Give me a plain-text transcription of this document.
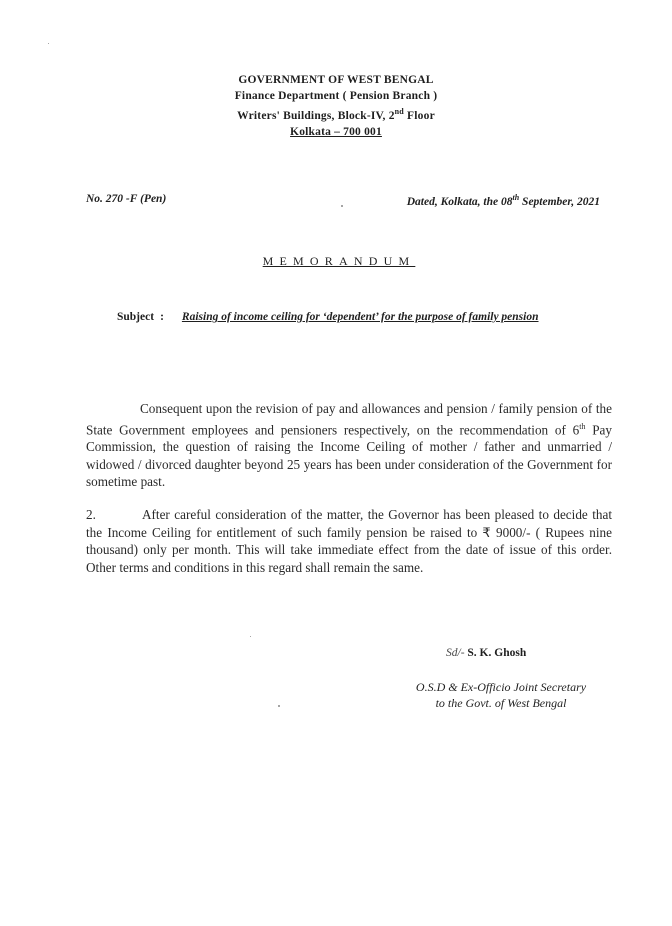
GOVERNMENT OF WEST BENGAL
Finance Department ( Pension Branch )
Writers' Buildings, Block-IV, 2nd Floor
Kolkata – 700 001
No. 270 -F (Pen)	Dated, Kolkata, the 08th September, 2021
MEMORANDUM
Subject : Raising of income ceiling for ‘dependent’ for the purpose of family pension
Consequent upon the revision of pay and allowances and pension / family pension of the State Government employees and pensioners respectively, on the recommendation of 6th Pay Commission, the question of raising the Income Ceiling of mother / father and unmarried / widowed / divorced daughter beyond 25 years has been under consideration of the Government for sometime past.
2.	After careful consideration of the matter, the Governor has been pleased to decide that the Income Ceiling for entitlement of such family pension be raised to ₹ 9000/- ( Rupees nine thousand) only per month. This will take immediate effect from the date of issue of this order. Other terms and conditions in this regard shall remain the same.
Sd/- S. K. Ghosh
O.S.D & Ex-Officio Joint Secretary
to the Govt. of West Bengal
